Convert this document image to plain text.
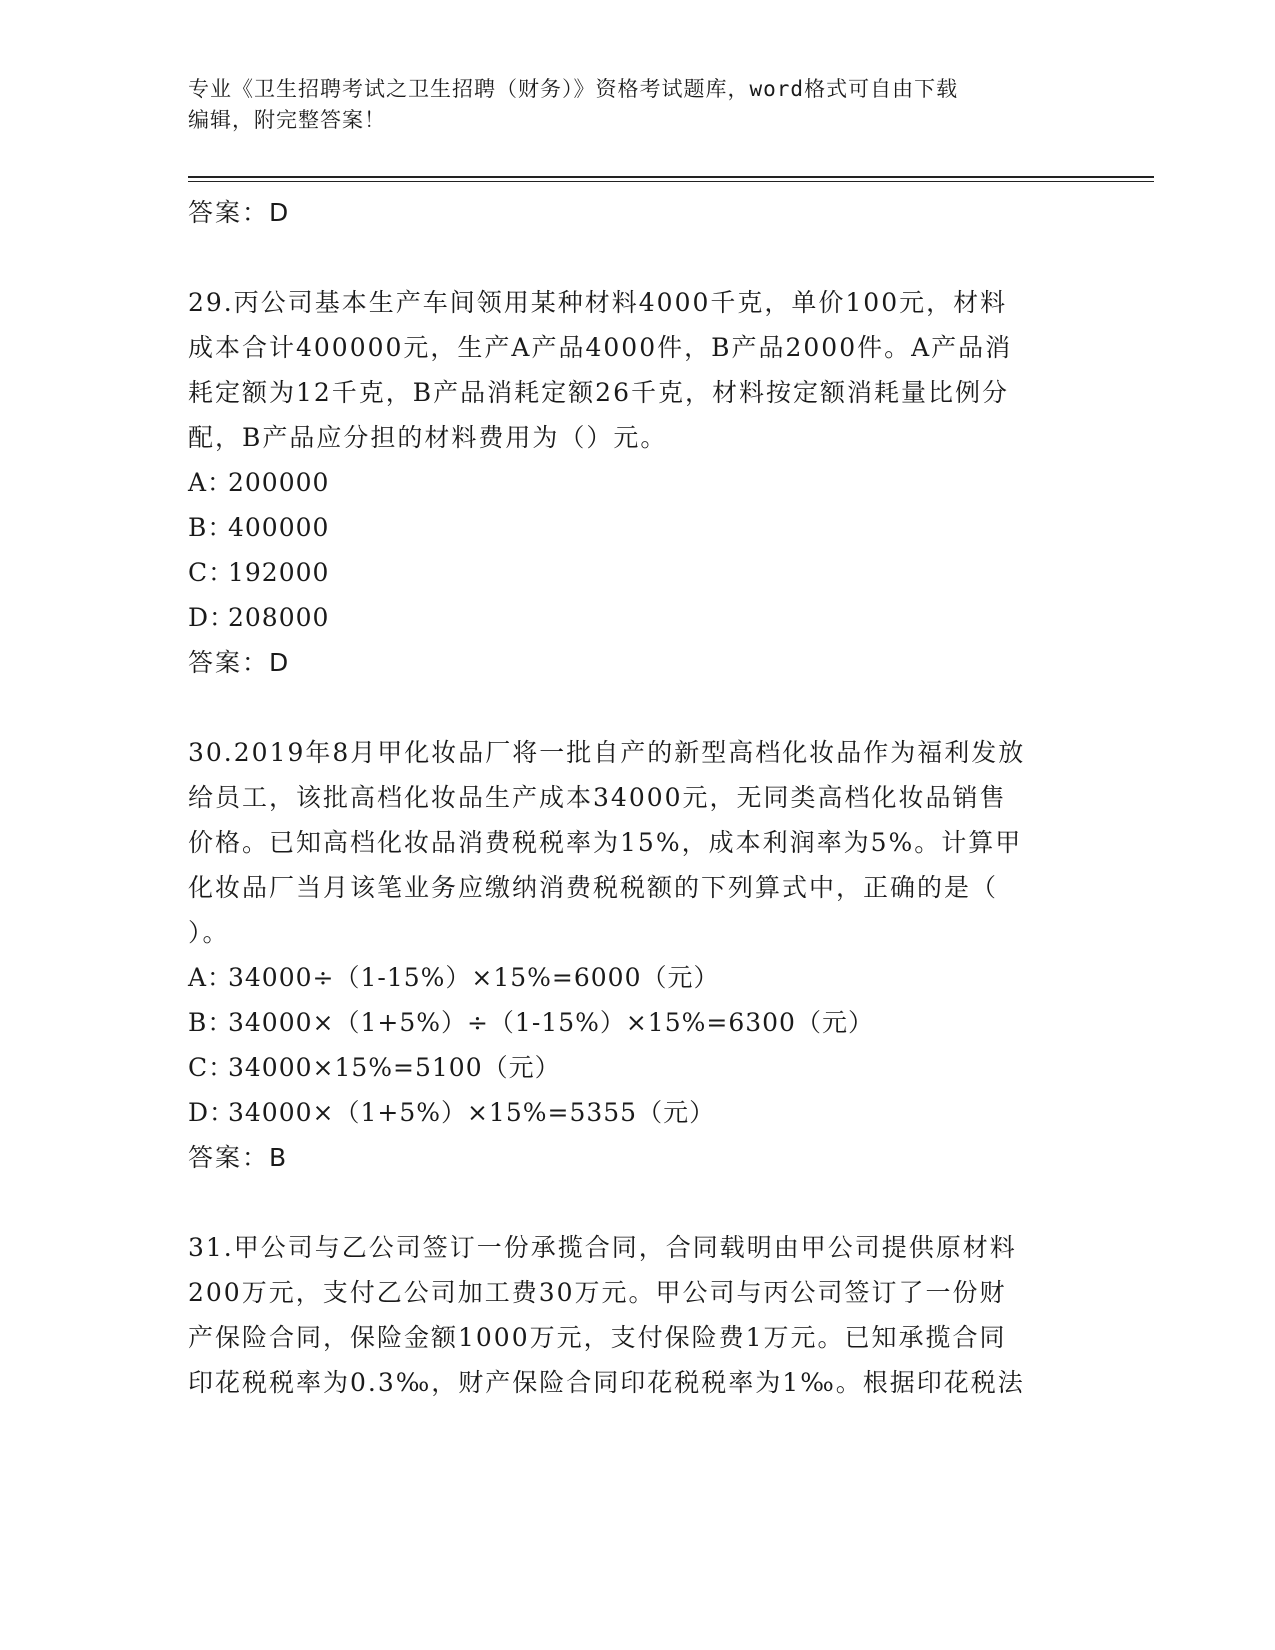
专业《卫生招聘考试之卫生招聘（财务）》资格考试题库，word格式可自由下载
编辑，附完整答案！
答案：D
29.丙公司基本生产车间领用某种材料4000千克，单价100元，材料
成本合计400000元，生产A产品4000件，B产品2000件。A产品消
耗定额为12千克，B产品消耗定额26千克，材料按定额消耗量比例分
配，B产品应分担的材料费用为（）元。
A：200000
B：400000
C：192000
D：208000
答案：D
30.2019年8月甲化妆品厂将一批自产的新型高档化妆品作为福利发放
给员工，该批高档化妆品生产成本34000元，无同类高档化妆品销售
价格。已知高档化妆品消费税税率为15%，成本利润率为5%。计算甲
化妆品厂当月该笔业务应缴纳消费税税额的下列算式中，正确的是（
）。
A：34000÷（1-15%）×15%=6000（元）
B：34000×（1+5%）÷（1-15%）×15%=6300（元）
C：34000×15%=5100（元）
D：34000×（1+5%）×15%=5355（元）
答案：B
31.甲公司与乙公司签订一份承揽合同，合同载明由甲公司提供原材料
200万元，支付乙公司加工费30万元。甲公司与丙公司签订了一份财
产保险合同，保险金额1000万元，支付保险费1万元。已知承揽合同
印花税税率为0.3‰，财产保险合同印花税税率为1‰。根据印花税法
